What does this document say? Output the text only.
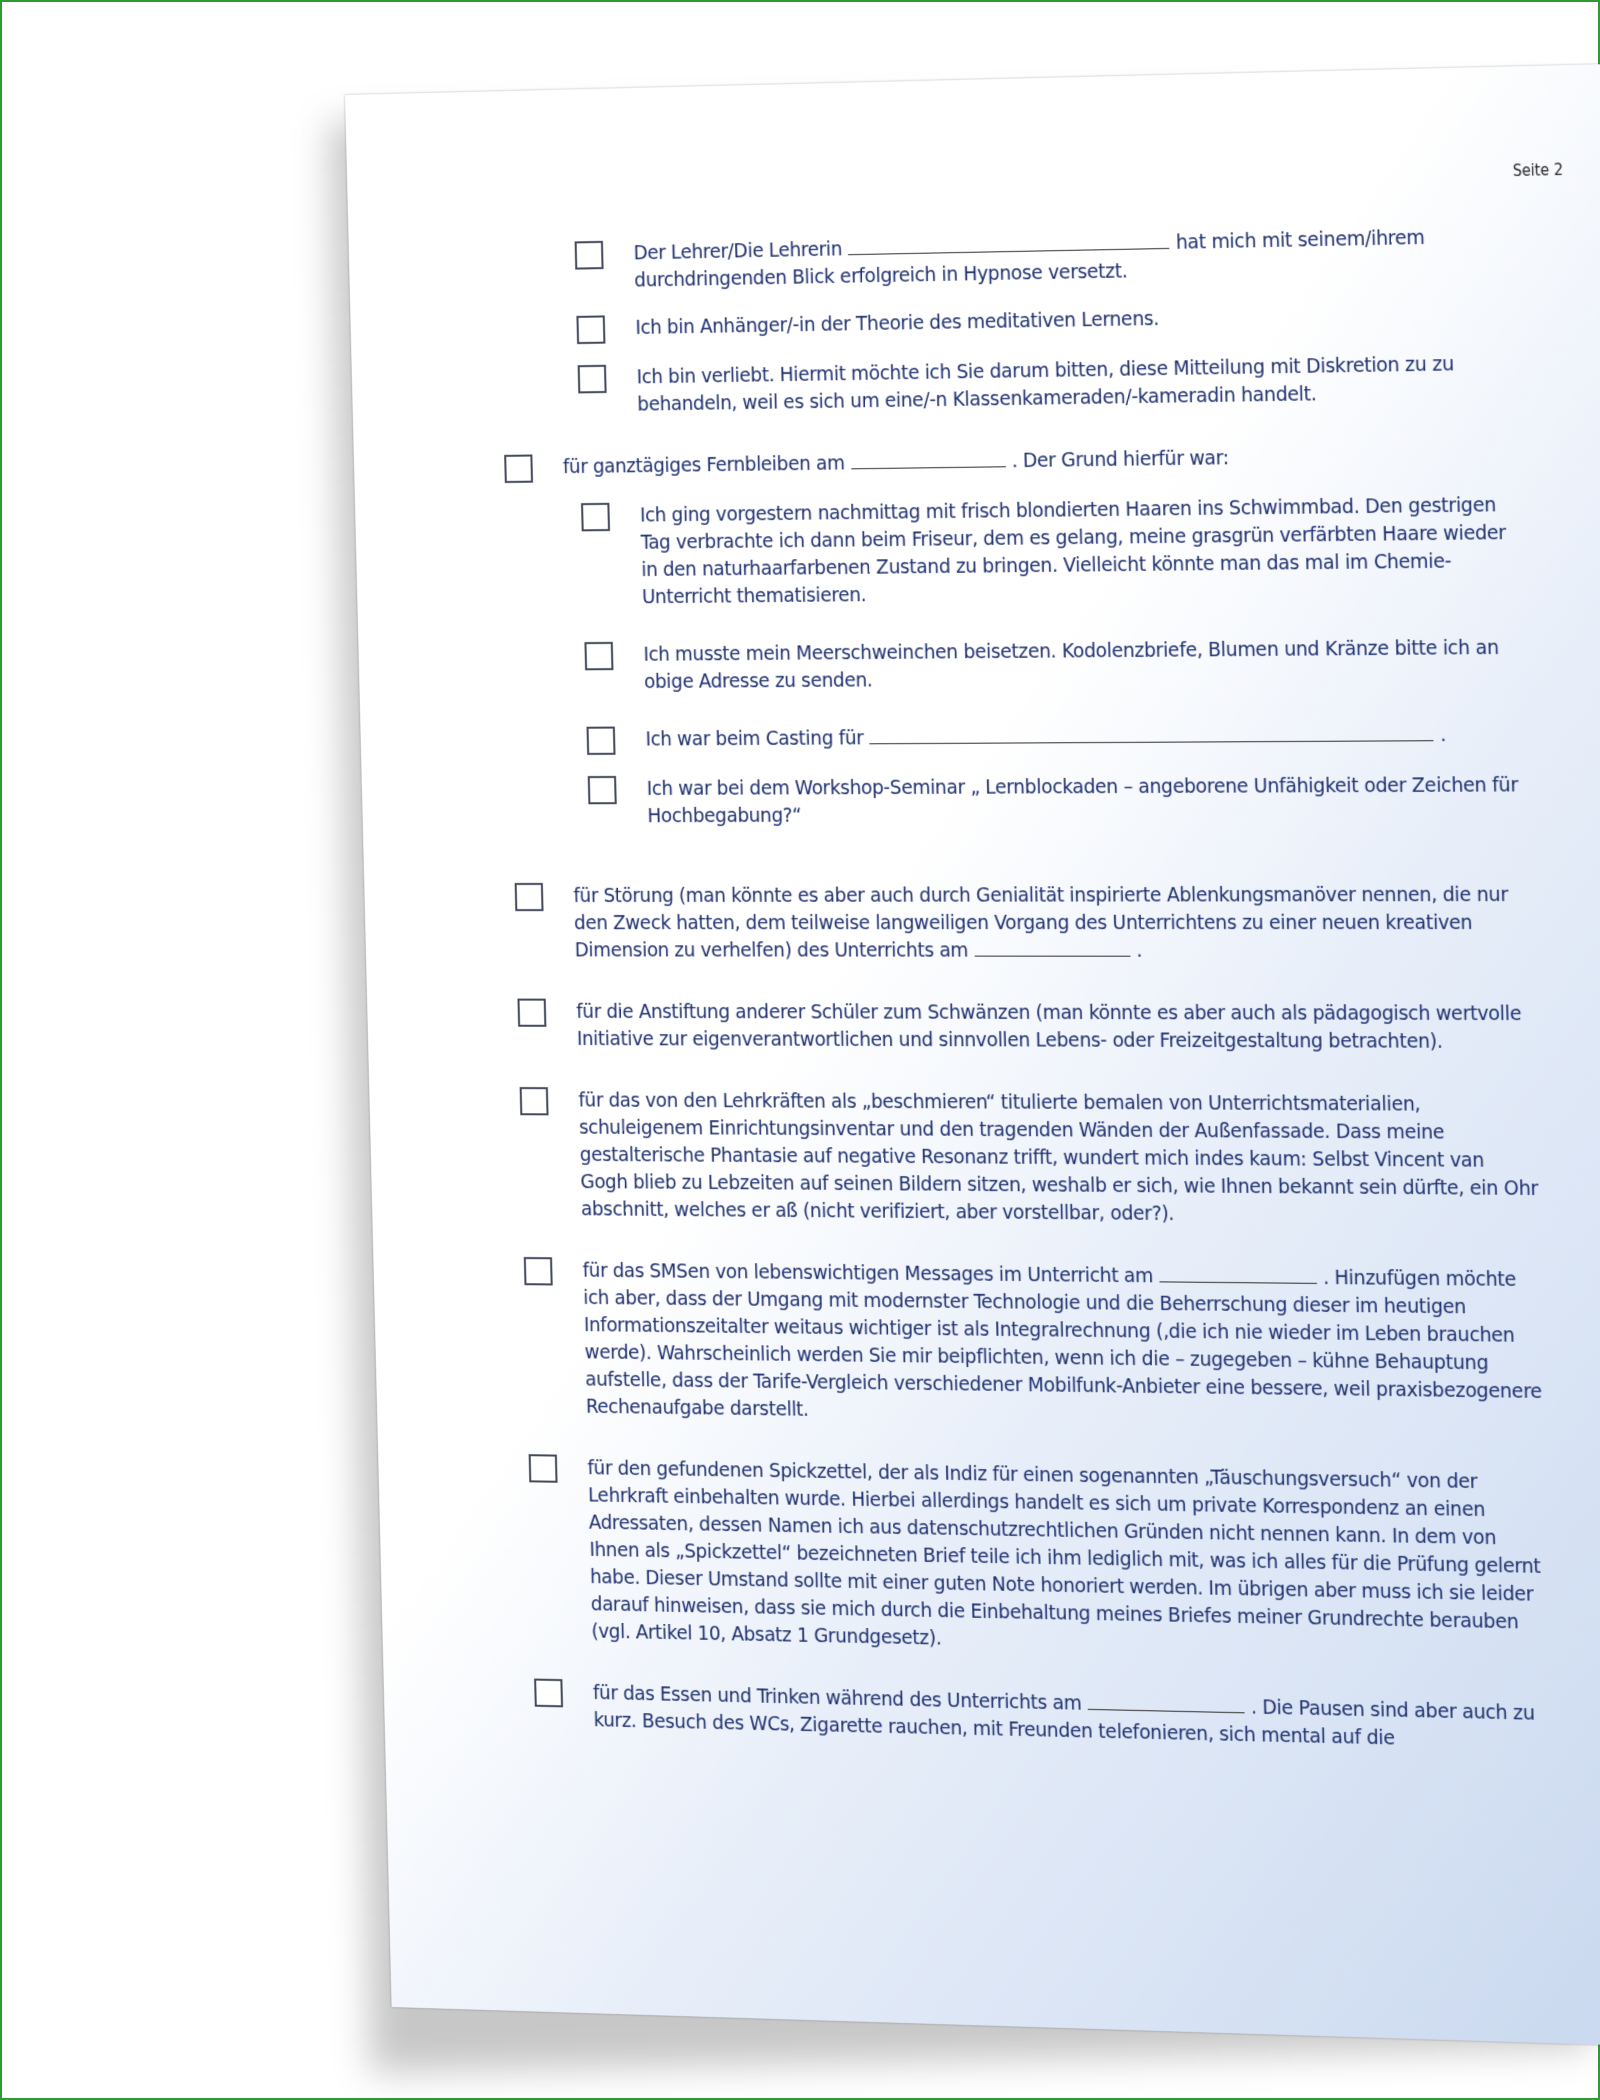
Seite 2
Der Lehrer/Die Lehrerin	hat mich mit seinem/ihrem durchdringenden Blick erfolgreich in Hypnose versetzt.
Ich bin Anhänger/-in der Theorie des meditativen Lernens.
Ich bin verliebt. Hiermit möchte ich Sie darum bitten, diese Mitteilung mit Diskretion zu zu behandeln, weil es sich um eine/-n Klassenkameraden/-kameradin handelt.
für ganztägiges Fernbleiben am	. Der Grund hierfür war:
Ich ging vorgestern nachmittag mit frisch blondierten Haaren ins Schwimmbad. Den gestrigen Tag verbrachte ich dann beim Friseur, dem es gelang, meine grasgrün verfärbten Haare wieder in den naturhaarfarbenen Zustand zu bringen. Vielleicht könnte man das mal im Chemie-Unterricht thematisieren.
Ich musste mein Meerschweinchen beisetzen. Kodolenzbriefe, Blumen und Kränze bitte ich an obige Adresse zu senden.
Ich war beim Casting für	.
Ich war bei dem Workshop-Seminar „ Lernblockaden – angeborene Unfähigkeit oder Zeichen für Hochbegabung?“
für Störung (man könnte es aber auch durch Genialität inspirierte Ablenkungsmanöver nennen, die nur den Zweck hatten, dem teilweise langweiligen Vorgang des Unterrichtens zu einer neuen kreativen Dimension zu verhelfen) des Unterrichts am	.
für die Anstiftung anderer Schüler zum Schwänzen (man könnte es aber auch als pädagogisch wertvolle Initiative zur eigenverantwortlichen und sinnvollen Lebens- oder Freizeitgestaltung betrachten).
für das von den Lehrkräften als „beschmieren“ titulierte bemalen von Unterrichtsmaterialien, schuleigenem Einrichtungsinventar und den tragenden Wänden der Außenfassade. Dass meine gestalterische Phantasie auf negative Resonanz trifft, wundert mich indes kaum: Selbst Vincent van Gogh blieb zu Lebzeiten auf seinen Bildern sitzen, weshalb er sich, wie Ihnen bekannt sein dürfte, ein Ohr abschnitt, welches er aß (nicht verifiziert, aber vorstellbar, oder?).
für das SMSen von lebenswichtigen Messages im Unterricht am	. Hinzufügen möchte ich aber, dass der Umgang mit modernster Technologie und die Beherrschung dieser im heutigen Informationszeitalter weitaus wichtiger ist als Integralrechnung (‚die ich nie wieder im Leben brauchen werde). Wahrscheinlich werden Sie mir beipflichten, wenn ich die – zugegeben – kühne Behauptung aufstelle, dass der Tarife-Vergleich verschiedener Mobilfunk-Anbieter eine bessere, weil praxisbezogenere Rechenaufgabe darstellt.
für den gefundenen Spickzettel, der als Indiz für einen sogenannten „Täuschungsversuch“ von der Lehrkraft einbehalten wurde. Hierbei allerdings handelt es sich um private Korrespondenz an einen Adressaten, dessen Namen ich aus datenschutzrechtlichen Gründen nicht nennen kann. In dem von Ihnen als „Spickzettel“ bezeichneten Brief teile ich ihm lediglich mit, was ich alles für die Prüfung gelernt habe. Dieser Umstand sollte mit einer guten Note honoriert werden. Im übrigen aber muss ich sie leider darauf hinweisen, dass sie mich durch die Einbehaltung meines Briefes meiner Grundrechte berauben (vgl. Artikel 10, Absatz 1 Grundgesetz).
für das Essen und Trinken während des Unterrichts am	. Die Pausen sind aber auch zu kurz. Besuch des WCs, Zigarette rauchen, mit Freunden telefonieren, sich mental auf die
